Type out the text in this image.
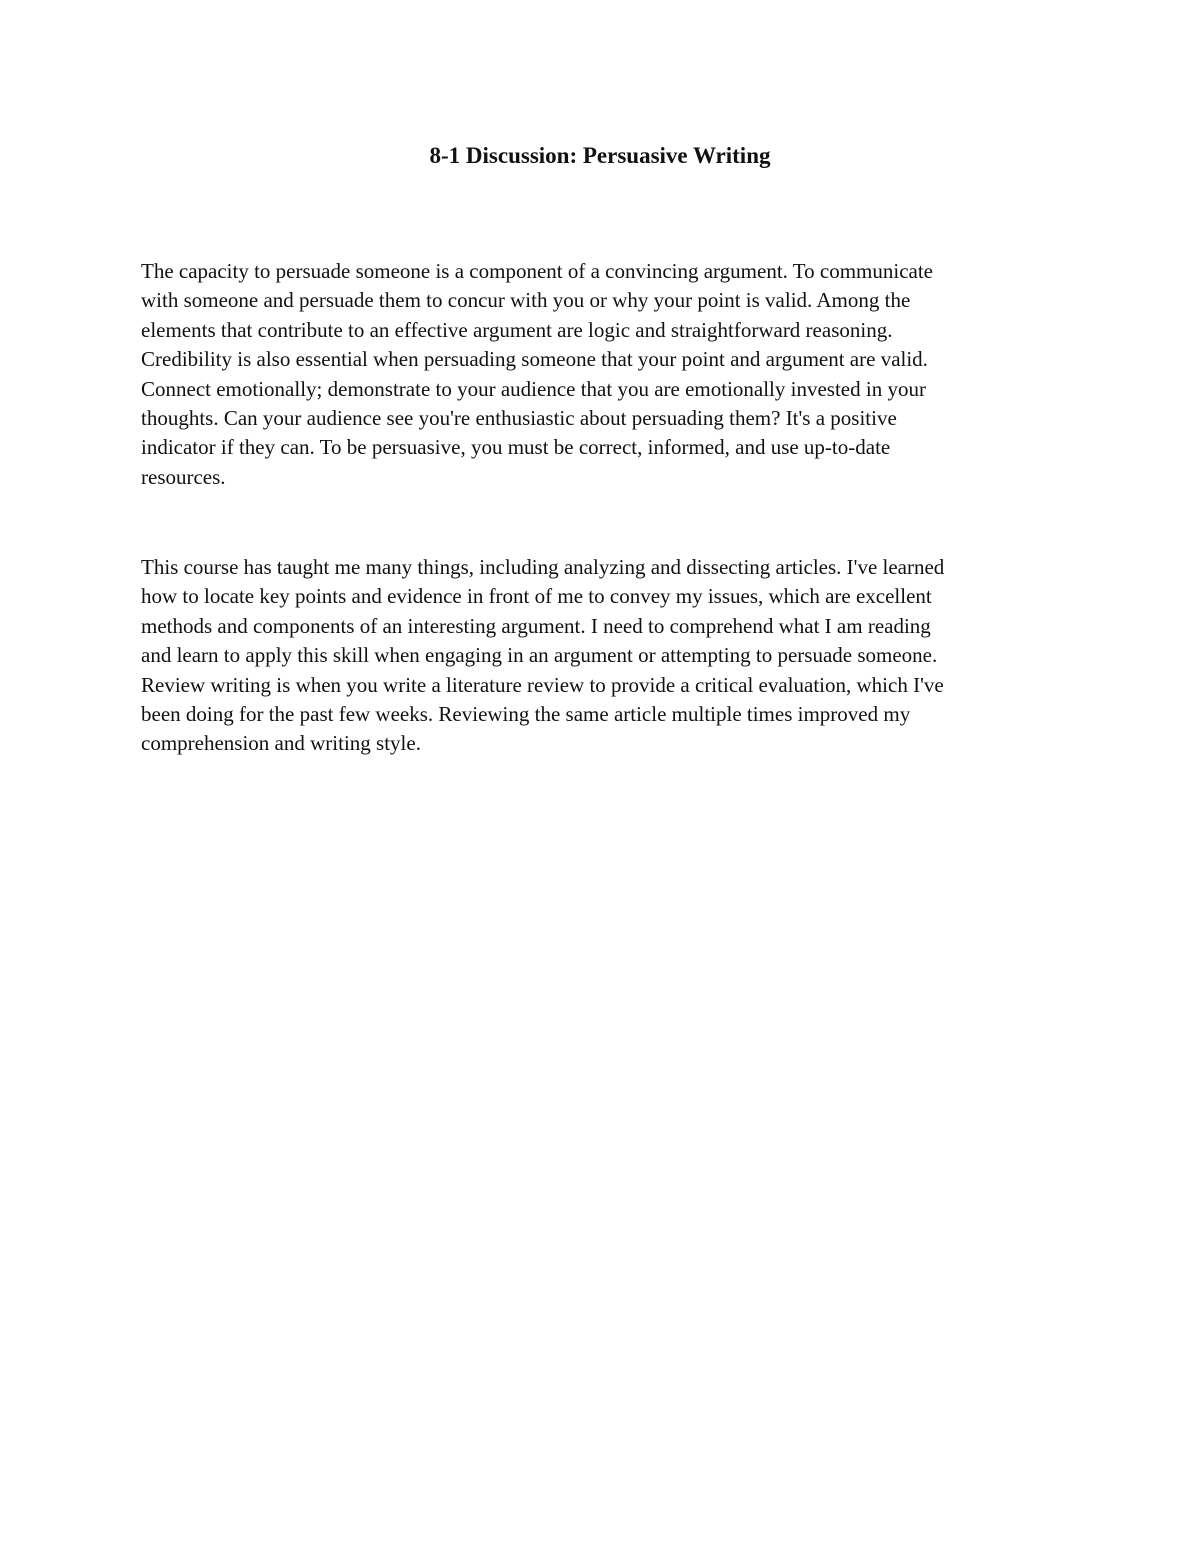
8-1 Discussion: Persuasive Writing

The capacity to persuade someone is a component of a convincing argument. To communicate
with someone and persuade them to concur with you or why your point is valid. Among the
elements that contribute to an effective argument are logic and straightforward reasoning.
Credibility is also essential when persuading someone that your point and argument are valid.
Connect emotionally; demonstrate to your audience that you are emotionally invested in your
thoughts. Can your audience see you're enthusiastic about persuading them? It's a positive
indicator if they can. To be persuasive, you must be correct, informed, and use up-to-date
resources.

This course has taught me many things, including analyzing and dissecting articles. I've learned
how to locate key points and evidence in front of me to convey my issues, which are excellent
methods and components of an interesting argument. I need to comprehend what I am reading
and learn to apply this skill when engaging in an argument or attempting to persuade someone.
Review writing is when you write a literature review to provide a critical evaluation, which I've
been doing for the past few weeks. Reviewing the same article multiple times improved my
comprehension and writing style.
